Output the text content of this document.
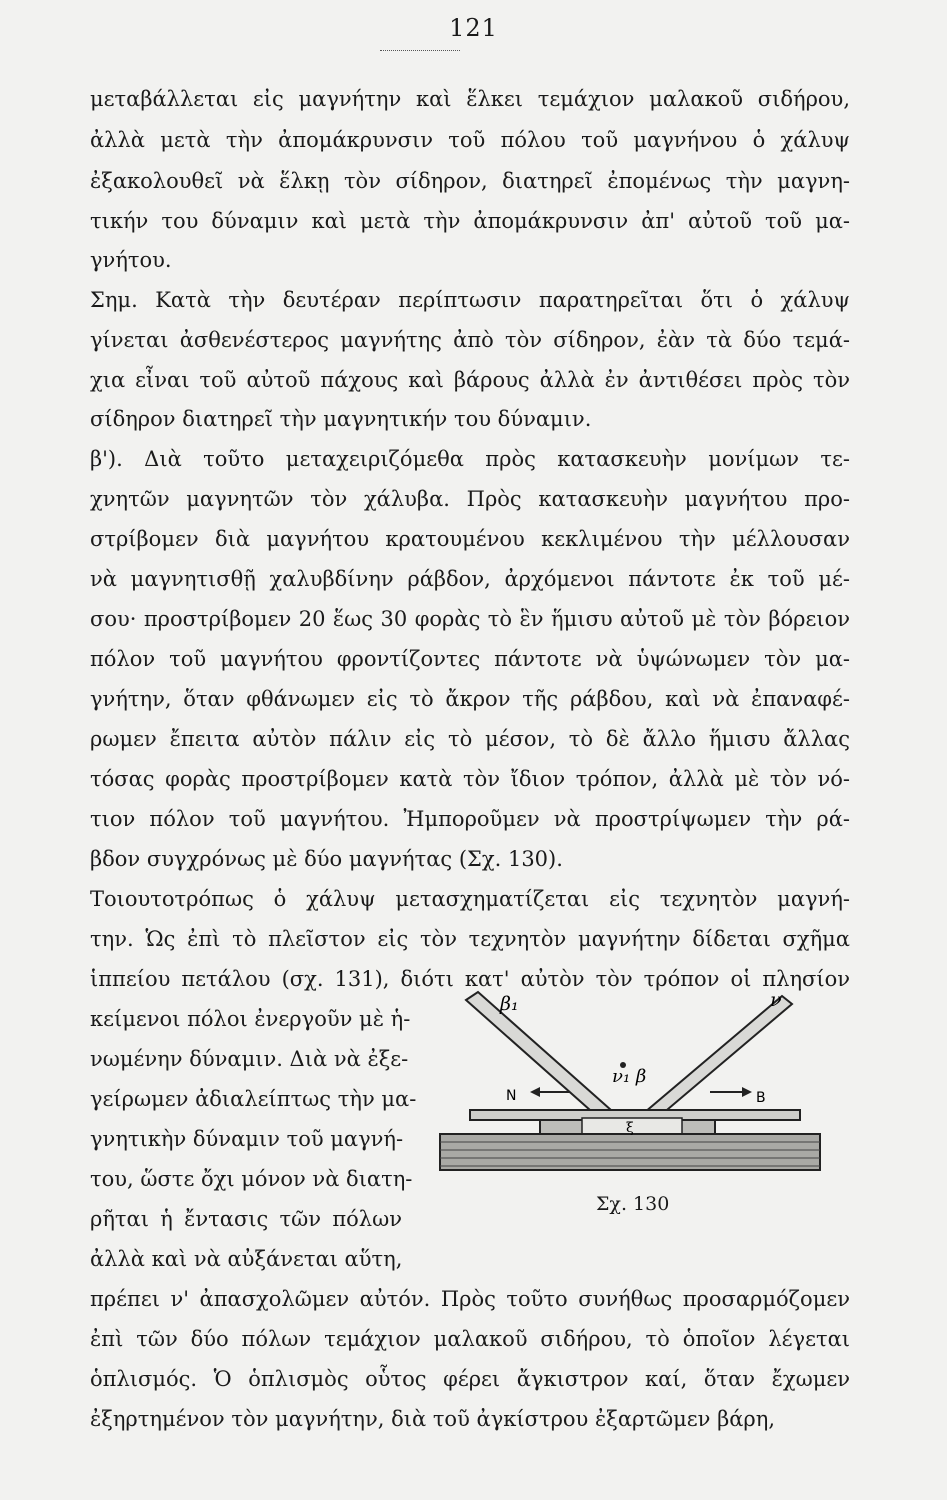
121
μεταβάλλεται εἰς μαγνήτην καὶ ἕλκει τεμάχιον μαλακοῦ σιδήρου,
ἀλλὰ μετὰ τὴν ἀπομάκρυνσιν τοῦ πόλου τοῦ μαγνήνου ὁ χάλυψ
ἐξακολουθεῖ νὰ ἕλκῃ τὸν σίδηρον, διατηρεῖ ἐπομένως τὴν μαγνη-
τικήν του δύναμιν καὶ μετὰ τὴν ἀπομάκρυνσιν ἀπ' αὐτοῦ τοῦ μα-
γνήτου.
Σημ. Κατὰ τὴν δευτέραν περίπτωσιν παρατηρεῖται ὅτι ὁ χάλυψ
γίνεται ἀσθενέστερος μαγνήτης ἀπὸ τὸν σίδηρον, ἐὰν τὰ δύο τεμά-
χια εἶναι τοῦ αὐτοῦ πάχους καὶ βάρους ἀλλὰ ἐν ἀντιθέσει πρὸς τὸν
σίδηρον διατηρεῖ τὴν μαγνητικήν του δύναμιν.
β'). Διὰ τοῦτο μεταχειριζόμεθα πρὸς κατασκευὴν μονίμων τε-
χνητῶν μαγνητῶν τὸν χάλυβα. Πρὸς κατασκευὴν μαγνήτου προ-
στρίβομεν διὰ μαγνήτου κρατουμένου κεκλιμένου τὴν μέλλουσαν
νὰ μαγνητισθῇ χαλυβδίνην ράβδον, ἀρχόμενοι πάντοτε ἐκ τοῦ μέ-
σου· προστρίβομεν 20 ἕως 30 φορὰς τὸ ἓν ἥμισυ αὐτοῦ μὲ τὸν βόρειον
πόλον τοῦ μαγνήτου φροντίζοντες πάντοτε νὰ ὑψώνωμεν τὸν μα-
γνήτην, ὅταν φθάνωμεν εἰς τὸ ἄκρον τῆς ράβδου, καὶ νὰ ἐπαναφέ-
ρωμεν ἔπειτα αὐτὸν πάλιν εἰς τὸ μέσον, τὸ δὲ ἄλλο ἥμισυ ἄλλας
τόσας φορὰς προστρίβομεν κατὰ τὸν ἴδιον τρόπον, ἀλλὰ μὲ τὸν νό-
τιον πόλον τοῦ μαγνήτου. Ἠμποροῦμεν νὰ προστρίψωμεν τὴν ρά-
βδον συγχρόνως μὲ δύο μαγνήτας (Σχ. 130).
Τοιουτοτρόπως ὁ χάλυψ μετασχηματίζεται εἰς τεχνητὸν μαγνή-
την. Ὡς ἐπὶ τὸ πλεῖστον εἰς τὸν τεχνητὸν μαγνήτην δίδεται σχῆμα
ἱππείου πετάλου (σχ. 131), διότι κατ' αὐτὸν τὸν τρόπον οἱ πλησίον
κείμενοι πόλοι ἐνεργοῦν μὲ ἡ-
νωμένην δύναμιν. Διὰ νὰ ἐξε-
γείρωμεν ἀδιαλείπτως τὴν μα-
γνητικὴν δύναμιν τοῦ μαγνή-
του, ὥστε ὄχι μόνον νὰ διατη-
ρῆται ἡ ἔντασις τῶν πόλων
ἀλλὰ καὶ νὰ αὐξάνεται αὕτη,
πρέπει ν' ἀπασχολῶμεν αὐτόν. Πρὸς τοῦτο συνήθως προσαρμόζομεν
ἐπὶ τῶν δύο πόλων τεμάχιον μαλακοῦ σιδήρου, τὸ ὁποῖον λέγεται
ὁπλισμός. Ὁ ὁπλισμὸς οὗτος φέρει ἄγκιστρον καί, ὅταν ἔχωμεν
ἐξηρτημένον τὸν μαγνήτην, διὰ τοῦ ἀγκίστρου ἐξαρτῶμεν βάρη,
β₁	ν
ν₁ β
N	B
ξ
Σχ. 130
